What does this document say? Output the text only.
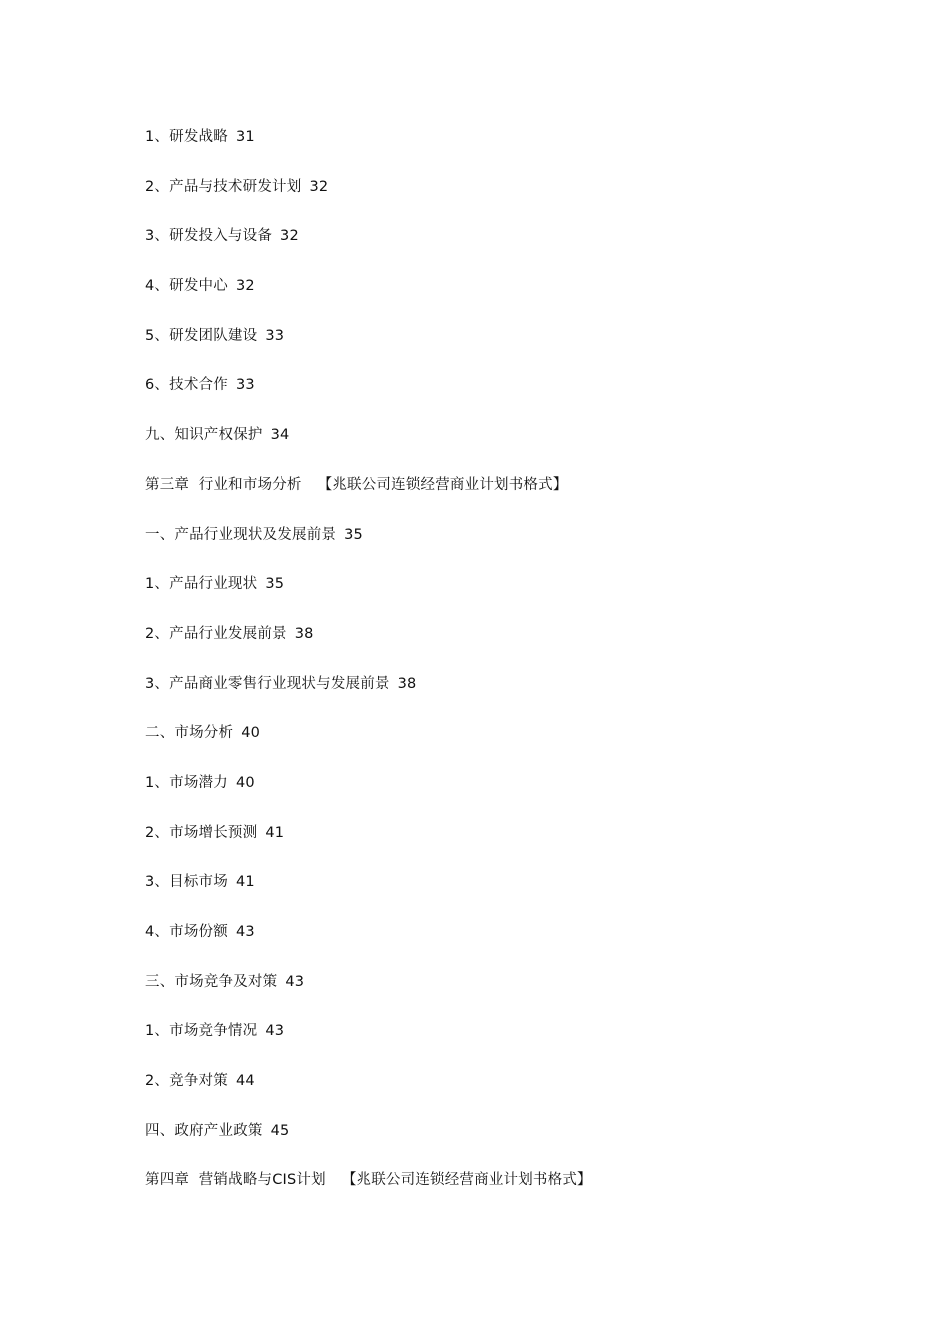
1、研发战略 31
2、产品与技术研发计划 32
3、研发投入与设备 32
4、研发中心 32
5、研发团队建设 33
6、技术合作 33
九、知识产权保护 34
第三章  行业和市场分析 【兆联公司连锁经营商业计划书格式】
一、产品行业现状及发展前景 35
1、产品行业现状 35
2、产品行业发展前景 38
3、产品商业零售行业现状与发展前景 38
二、市场分析 40
1、市场潜力 40
2、市场增长预测 41
3、目标市场 41
4、市场份额 43
三、市场竞争及对策 43
1、市场竞争情况 43
2、竞争对策 44
四、政府产业政策 45
第四章  营销战略与CIS计划 【兆联公司连锁经营商业计划书格式】
